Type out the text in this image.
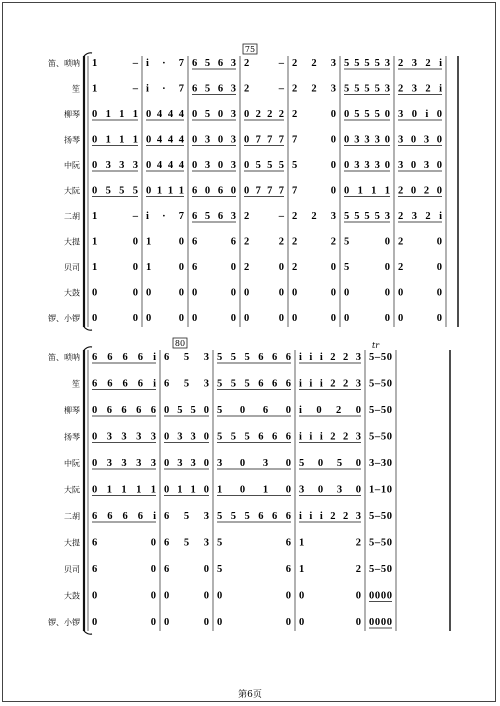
75
笛、唢呐 1 – i · 7 6 5 6 3 2 – 2 2 3 5 5 5 5 3 2 3 2 i
笙 1 – i · 7 6 5 6 3 2 – 2 2 3 5 5 5 5 3 2 3 2 i
柳琴 0 1 1 1 0 4 4 4 0 5 0 3 0 2 2 2 2 0 0 5 5 5 0 3 0 i 0
扬琴 0 1 1 1 0 4 4 4 0 3 0 3 0 7 7 7 7 0 0 3 3 3 0 3 0 3 0
中阮 0 3 3 3 0 4 4 4 0 3 0 3 0 5 5 5 5 0 0 3 3 3 0 3 0 3 0
大阮 0 5 5 5 0 1 1 1 6 0 6 0 0 7 7 7 7 0 0 1 1 1 2 0 2 0
二胡 1 – i · 7 6 5 6 3 2 – 2 2 3 5 5 5 5 3 2 3 2 i
大提 1 0 1 0 6 6 2 2 2 2 5 0 2 0
贝司 1 0 1 0 6 0 2 0 2 0 5 0 2 0
大鼓 0 0 0 0 0 0 0 0 0 0 0 0 0 0
锣、小锣 0 0 0 0 0 0 0 0 0 0 0 0 0 0
80	tr
笛、唢呐 6 6 6 6 i 6 5 3 5 5 5 6 6 6 i i i 2 2 3 5 – 5 0
笙 6 6 6 6 i 6 5 3 5 5 5 6 6 6 i i i 2 2 3 5 – 5 0
柳琴 0 6 6 6 6 0 5 5 0 5 0 6 0 i 0 2 0 5 – 5 0
扬琴 0 3 3 3 3 0 3 3 0 5 5 5 6 6 6 i i i 2 2 3 5 – 5 0
中阮 0 3 3 3 3 0 3 3 0 3 0 3 0 5 0 5 0 3 – 3 0
大阮 0 1 1 1 1 0 1 1 0 1 0 1 0 3 0 3 0 1 – 1 0
二胡 6 6 6 6 i 6 5 3 5 5 5 6 6 6 i i i 2 2 3 5 – 5 0
大提 6 0 6 5 3 5 6 1 2 5 – 5 0
贝司 6 0 6 0 5 6 1 2 5 – 5 0
大鼓 0 0 0 0 0 0 0 0 0 0 0 0
锣、小锣 0 0 0 0 0 0 0 0 0 0 0 0
第6页
